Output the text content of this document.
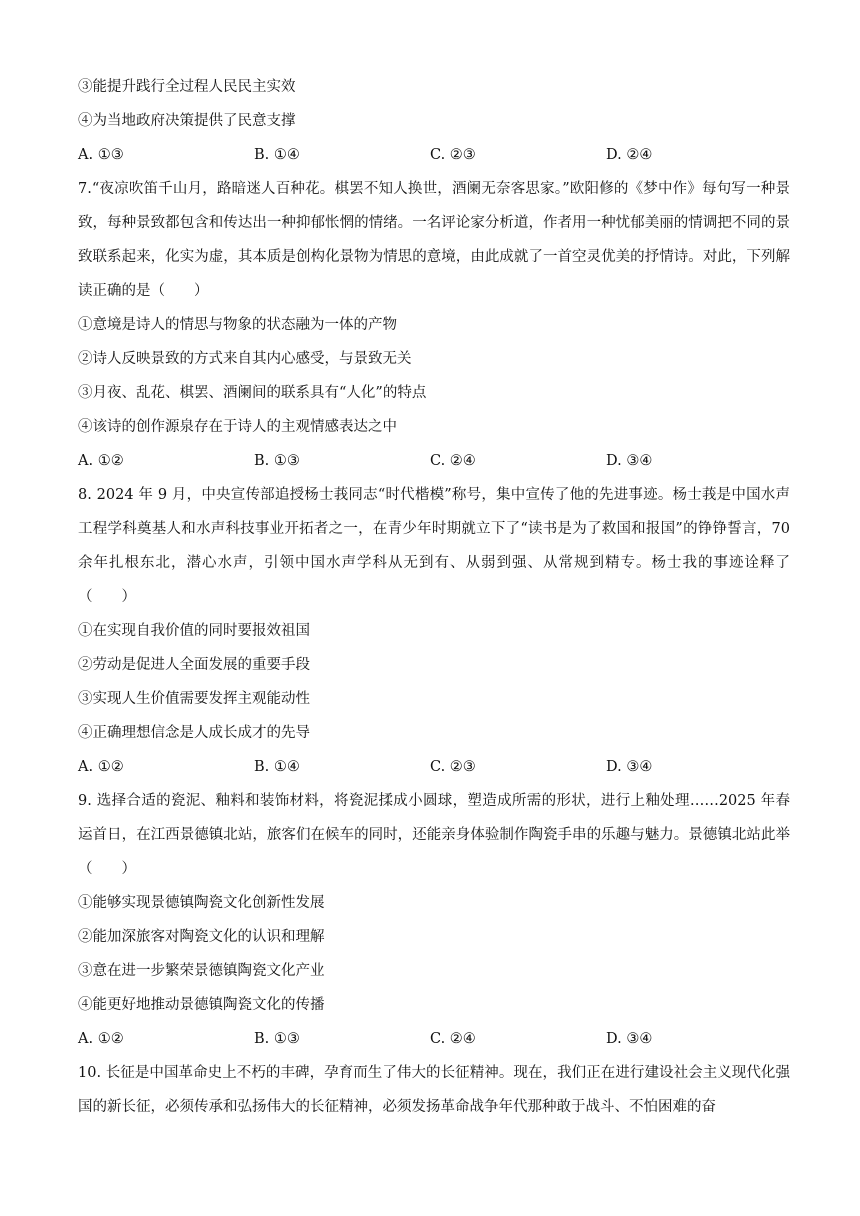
③能提升践行全过程人民民主实效
④为当地政府决策提供了民意支撑
A. ①③	B. ①④	C. ②③	D. ②④
7.“夜凉吹笛千山月，路暗迷人百种花。棋罢不知人换世，酒阑无奈客思家。”欧阳修的《梦中作》每句写一种景致，每种景致都包含和传达出一种抑郁怅惘的情绪。一名评论家分析道，作者用一种忧郁美丽的情调把不同的景致联系起来，化实为虚，其本质是创构化景物为情思的意境，由此成就了一首空灵优美的抒情诗。对此，下列解读正确的是（　　）
①意境是诗人的情思与物象的状态融为一体的产物
②诗人反映景致的方式来自其内心感受，与景致无关
③月夜、乱花、棋罢、酒阑间的联系具有“人化”的特点
④该诗的创作源泉存在于诗人的主观情感表达之中
A. ①②	B. ①③	C. ②④	D. ③④
8. 2024 年 9 月，中央宣传部追授杨士莪同志“时代楷模”称号，集中宣传了他的先进事迹。杨士莪是中国水声工程学科奠基人和水声科技事业开拓者之一，在青少年时期就立下了“读书是为了救国和报国”的铮铮誓言，70 余年扎根东北，潜心水声，引领中国水声学科从无到有、从弱到强、从常规到精专。杨士我的事迹诠释了（　　）
①在实现自我价值的同时要报效祖国
②劳动是促进人全面发展的重要手段
③实现人生价值需要发挥主观能动性
④正确理想信念是人成长成才的先导
A. ①②	B. ①④	C. ②③	D. ③④
9. 选择合适的瓷泥、釉料和装饰材料，将瓷泥揉成小圆球，塑造成所需的形状，进行上釉处理……2025 年春运首日，在江西景德镇北站，旅客们在候车的同时，还能亲身体验制作陶瓷手串的乐趣与魅力。景德镇北站此举（　　）
①能够实现景德镇陶瓷文化创新性发展
②能加深旅客对陶瓷文化的认识和理解
③意在进一步繁荣景德镇陶瓷文化产业
④能更好地推动景德镇陶瓷文化的传播
A. ①②	B. ①③	C. ②④	D. ③④
10. 长征是中国革命史上不朽的丰碑，孕育而生了伟大的长征精神。现在，我们正在进行建设社会主义现代化强国的新长征，必须传承和弘扬伟大的长征精神，必须发扬革命战争年代那种敢于战斗、不怕困难的奋
